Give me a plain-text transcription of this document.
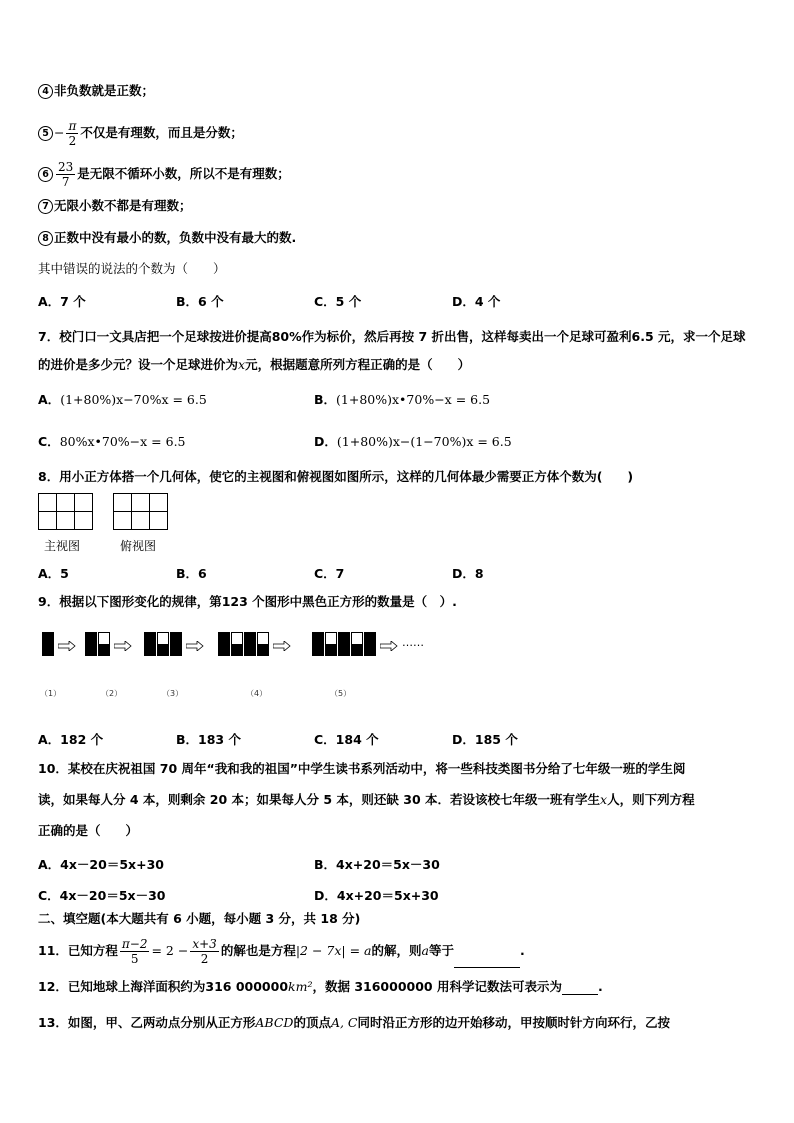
4 非负数就是正数；
$5 - \frac{\pi}{2}$ 不仅是有理数，而且是分数；
$6 \frac{23}{7}$ 是无限不循环小数，所以不是有理数；
7 无限小数不都是有理数；
8 正数中没有最小的数，负数中没有最大的数.
其中错误的说法的个数为（　　）
A．7 个	B．6 个	C．5 个	D．4 个
7．校门口一文具店把一个足球按进价提高80%作为标价，然后再按 7 折出售，这样每卖出一个足球可盈利6.5 元，求一个足球的进价是多少元？设一个足球进价为x元，根据题意所列方程正确的是（　　）
A．(1+80%)x−70%x = 6.5	B．(1+80%)x•70%−x = 6.5
C．80%x•70%−x = 6.5	D．(1+80%)x−(1−70%)x = 6.5
8．用小正方体搭一个几何体，使它的主视图和俯视图如图所示，这样的几何体最少需要正方体个数为(　　)
主视图	俯视图
A．5	B．6	C．7	D．8
9．根据以下图形变化的规律，第123 个图形中黑色正方形的数量是（　）.
……
（1）	（2）	（3）	（4）	（5）
A．182 个	B．183 个	C．184 个	D．185 个
10．某校在庆祝祖国 70 周年“我和我的祖国”中学生读书系列活动中，将一些科技类图书分给了七年级一班的学生阅
读，如果每人分 4 本，则剩余 20 本；如果每人分 5 本，则还缺 30 本．若设该校七年级一班有学生x人，则下列方程
正确的是（　　）
A．4x－20＝5x+30	B．4x+20＝5x－30
C．4x－20＝5x－30	D．4x+20＝5x+30
二、填空题(本大题共有 6 小题，每小题 3 分，共 18 分)
11．已知方程 $\frac{\pi-2}{5} = 2 - \frac{x+3}{2}$ 的解也是方程|2 − 7x| = a的解，则a等于	.
12．已知地球上海洋面积约为316 000000km²，数据 316000000 用科学记数法可表示为	.
13．如图，甲、乙两动点分别从正方形ABCD的顶点A, C同时沿正方形的边开始移动，甲按顺时针方向环行，乙按
